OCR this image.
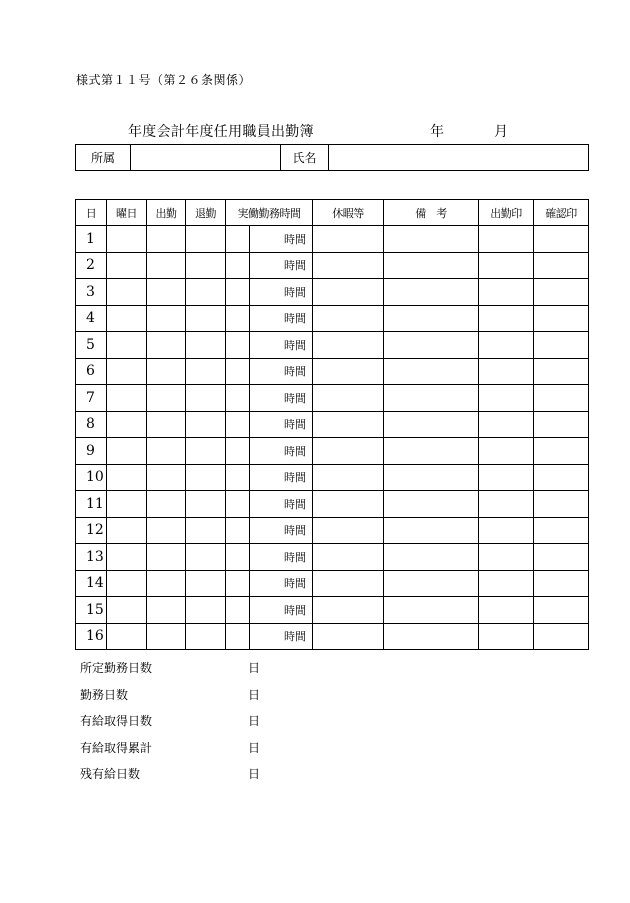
様式第１１号（第２６条関係）
年度会計年度任用職員出勤簿	年	月
所属		氏名	
日	曜日	出勤	退勤	実働勤務時間		休暇等	備　考	出勤印	確認印
1					時間				
2					時間				
3					時間				
4					時間				
5					時間				
6					時間				
7					時間				
8					時間				
9					時間				
10					時間				
11					時間				
12					時間				
13					時間				
14					時間				
15					時間				
16					時間				
所定勤務日数	日
勤務日数	日
有給取得日数	日
有給取得累計	日
残有給日数	日
